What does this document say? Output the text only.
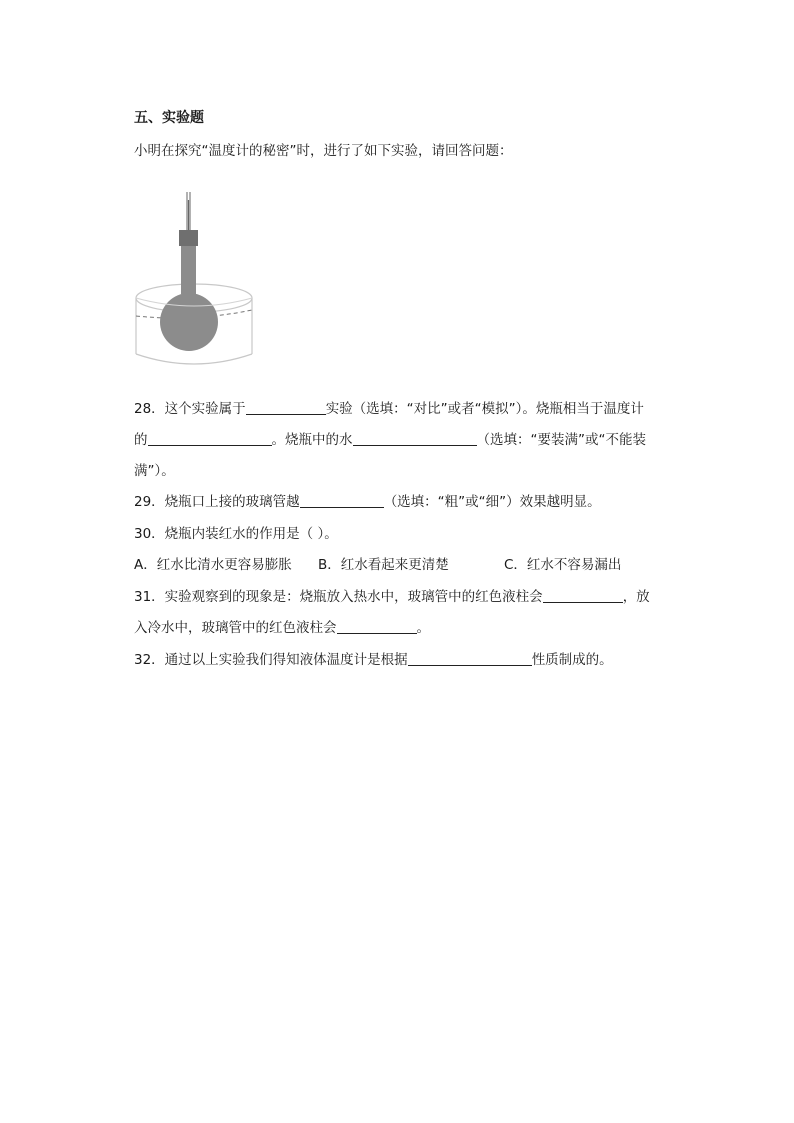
五、实验题
小明在探究“温度计的秘密”时，进行了如下实验，请回答问题：
28．这个实验属于	实验（选填：“对比”或者“模拟”）。烧瓶相当于温度计
的	。烧瓶中的水	（选填：“要装满”或“不能装
满”）。
29．烧瓶口上接的玻璃管越	（选填：“粗”或“细”）效果越明显。
30．烧瓶内装红水的作用是（ ）。
A．红水比清水更容易膨胀 B．红水看起来更清楚	C．红水不容易漏出
31．实验观察到的现象是：烧瓶放入热水中，玻璃管中的红色液柱会	，放
入冷水中，玻璃管中的红色液柱会	。
32．通过以上实验我们得知液体温度计是根据	性质制成的。
